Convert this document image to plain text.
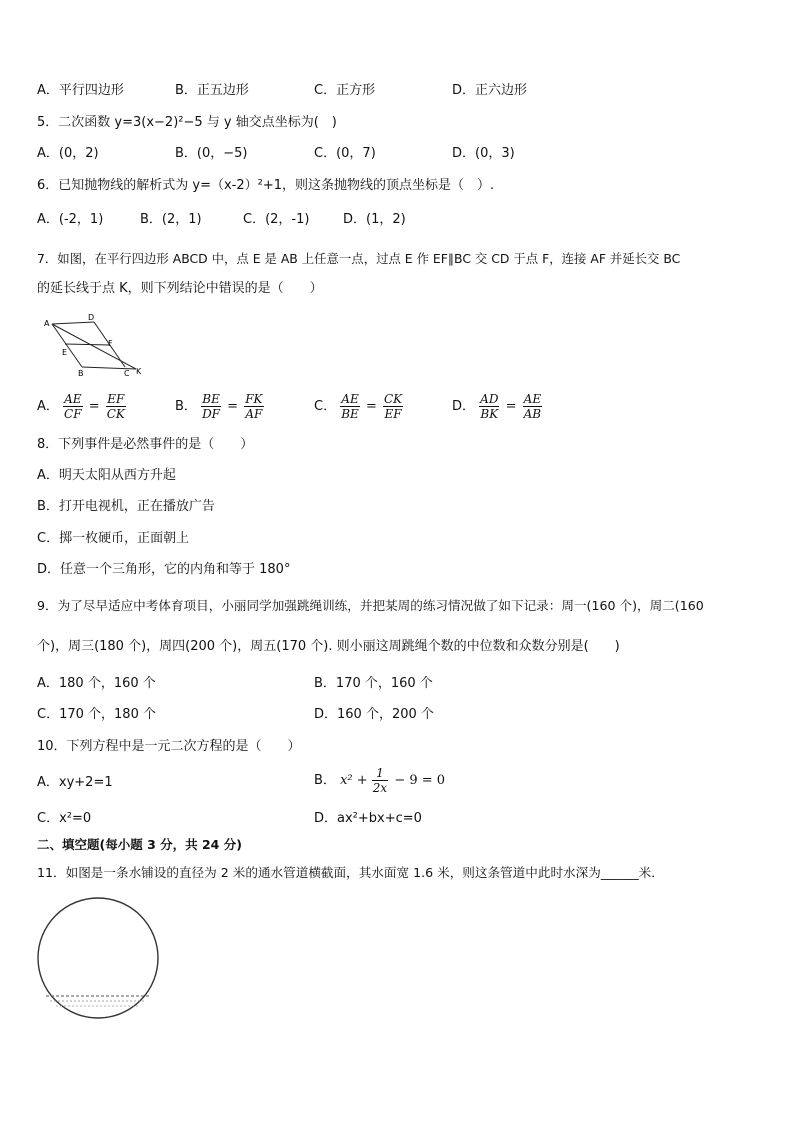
A．平行四边形	B．正五边形	C．正方形	D．正六边形
5．二次函数 y=3(x−2)²−5 与 y 轴交点坐标为(　)
A．(0，2)	B．(0，−5)	C．(0，7)	D．(0，3)
6．已知抛物线的解析式为 y=（x-2）²+1，则这条抛物线的顶点坐标是（　）.
A．(-2，1)	B．(2，1)	C．(2，-1)	D．(1，2)
7．如图，在平行四边形 ABCD 中，点 E 是 AB 上任意一点，过点 E 作 EF∥BC 交 CD 于点 F，连接 AF 并延长交 BC
的延长线于点 K，则下列结论中错误的是（　　）
A
D
E
F
B	C K
A． $\frac{AE}{CF} = \frac{EF}{CK}$	B． $\frac{BE}{DF} = \frac{FK}{AF}$	C． $\frac{AE}{BE} = \frac{CK}{EF}$	D． $\frac{AD}{BK} = \frac{AE}{AB}$
8．下列事件是必然事件的是（　　）
A．明天太阳从西方升起
B．打开电视机，正在播放广告
C．掷一枚硬币，正面朝上
D．任意一个三角形，它的内角和等于 180°
9．为了尽早适应中考体育项目，小丽同学加强跳绳训练，并把某周的练习情况做了如下记录：周一(160 个)，周二(160
个)，周三(180 个)，周四(200 个)，周五(170 个). 则小丽这周跳绳个数的中位数和众数分别是(　　)
A．180 个，160 个	B．170 个，160 个
C．170 个，180 个	D．160 个，200 个
10．下列方程中是一元二次方程的是（　　）
A．xy+2=1	B． $x^2 + \frac{1}{2x} - 9 = 0$
C．x²=0	D．ax²+bx+c=0
二、填空题(每小题 3 分，共 24 分)
11．如图是一条水铺设的直径为 2 米的通水管道横截面，其水面宽 1.6 米，则这条管道中此时水深为______米．
